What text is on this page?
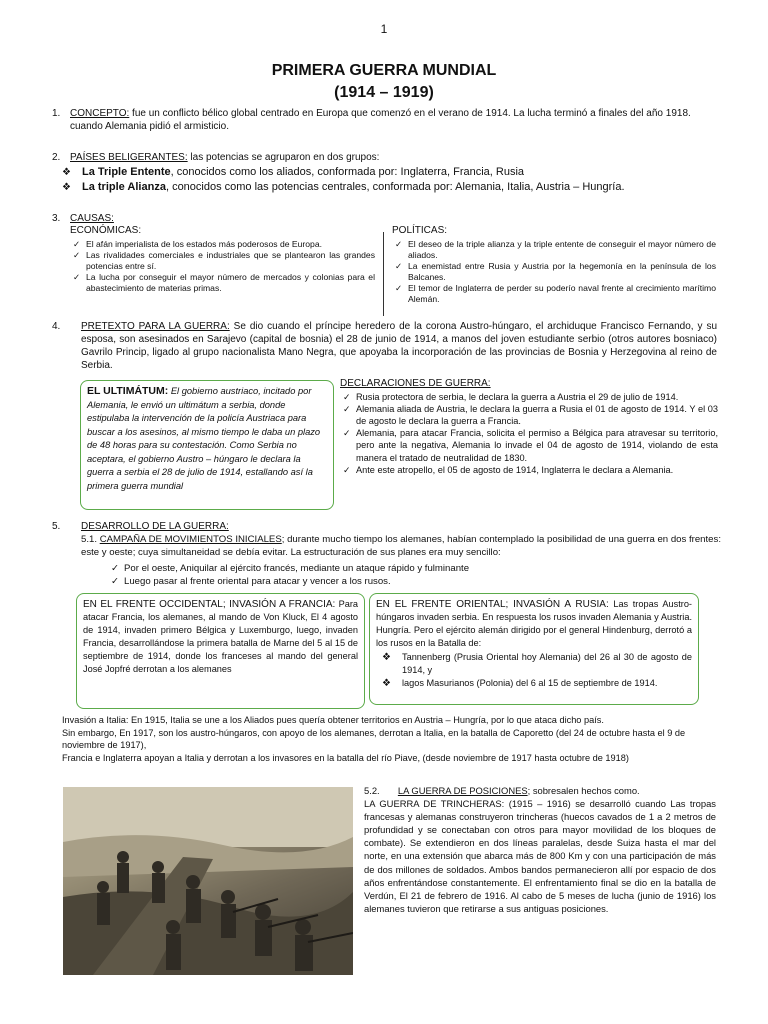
1
PRIMERA GUERRA MUNDIAL
(1914 – 1919)
1. CONCEPTO: fue un conflicto bélico global centrado en Europa que comenzó en el verano de 1914. La lucha terminó a finales del año 1918. cuando Alemania pidió el armisticio.
2. PAÍSES BELIGERANTES: las potencias se agruparon en dos grupos:
❖ La Triple Entente, conocidos como los aliados, conformada por: Inglaterra, Francia, Rusia
❖ La triple Alianza, conocidos como las potencias centrales, conformada por: Alemania, Italia, Austria – Hungría.
3. CAUSAS:
ECONÓMICAS:	POLÍTICAS:
✓ El afán imperialista de los estados más poderosos de Europa.
✓ Las rivalidades comerciales e industriales que se plantearon las grandes potencias entre sí.
✓ La lucha por conseguir el mayor número de mercados y colonias para el abastecimiento de materias primas.
✓ El deseo de la triple alianza y la triple entente de conseguir el mayor número de aliados.
✓ La enemistad entre Rusia y Austria por la hegemonía en la península de los Balcanes.
✓ El temor de Inglaterra de perder su poderío naval frente al crecimiento marítimo Alemán.
4. PRETEXTO PARA LA GUERRA: Se dio cuando el príncipe heredero de la corona Austro-húngaro, el archiduque Francisco Fernando, y su esposa, son asesinados en Sarajevo (capital de bosnia) el 28 de junio de 1914, a manos del joven estudiante serbio (otros autores bosniaco) Gavrilo Princip, ligado al grupo nacionalista Mano Negra, que apoyaba la incorporación de las provincias de Bosnia y Herzegovina al reino de Serbia.
EL ULTIMÁTUM: El gobierno austriaco, incitado por Alemania, le envió un ultimátum a serbia, donde estipulaba la intervención de la policía Austriaca para buscar a los asesinos, al mismo tiempo le daba un plazo de 48 horas para su contestación. Como Serbia no aceptara, el gobierno Austro – húngaro le declara la guerra a serbia el 28 de julio de 1914, estallando así la primera guerra mundial
DECLARACIONES DE GUERRA:
✓ Rusia protectora de serbia, le declara la guerra a Austria el 29 de julio de 1914.
✓ Alemania aliada de Austria, le declara la guerra a Rusia el 01 de agosto de 1914. Y el 03 de agosto le declara la guerra a Francia.
✓ Alemania, para atacar Francia, solicita el permiso a Bélgica para atravesar su territorio, pero ante la negativa, Alemania lo invade el 04 de agosto de 1914, violando de esta manera el tratado de neutralidad de 1830.
✓ Ante este atropello, el 05 de agosto de 1914, Inglaterra le declara a Alemania.
5. DESARROLLO DE LA GUERRA:
5.1. CAMPAÑA DE MOVIMIENTOS INICIALES; durante mucho tiempo los alemanes, habían contemplado la posibilidad de una guerra en dos frentes: este y oeste; cuya simultaneidad se debía evitar. La estructuración de sus planes era muy sencillo:
✓ Por el oeste, Aniquilar al ejército francés, mediante un ataque rápido y fulminante
✓ Luego pasar al frente oriental para atacar y vencer a los rusos.
EN EL FRENTE OCCIDENTAL; INVASIÓN A FRANCIA: Para atacar Francia, los alemanes, al mando de Von Kluck, El 4 agosto de 1914, invaden primero Bélgica y Luxemburgo, luego, invaden Francia, desarrollándose la primera batalla de Marne del 5 al 15 de septiembre de 1914, donde los franceses al mando del general José Jopfré derrotan a los alemanes
EN EL FRENTE ORIENTAL; INVASIÓN A RUSIA: Las tropas Austro- húngaros invaden serbia. En respuesta los rusos invaden Alemania y Austria. Hungría. Pero el ejército alemán dirigido por el general Hindenburg, derrotó a los rusos en la Batalla de:
❖ Tannenberg (Prusia Oriental hoy Alemania) del 26 al 30 de agosto de 1914, y
❖ lagos Masurianos (Polonia) del 6 al 15 de septiembre de 1914.
Invasión a Italia: En 1915, Italia se une a los Aliados pues quería obtener territorios en Austria – Hungría, por lo que ataca dicho país.
Sin embargo, En 1917, son los austro-húngaros, con apoyo de los alemanes, derrotan a Italia, en la batalla de Caporetto (del 24 de octubre hasta el 9 de noviembre de 1917),
Francia e Inglaterra apoyan a Italia y derrotan a los invasores en la batalla del río Piave, (desde noviembre de 1917 hasta octubre de 1918)
5.2. LA GUERRA DE POSICIONES; sobresalen hechos como.
LA GUERRA DE TRINCHERAS: (1915 – 1916) se desarrolló cuando Las tropas francesas y alemanas construyeron trincheras (huecos cavados de 1 a 2 metros de profundidad y se conectaban con otros para mayor movilidad de los bloques de combate). Se extendieron en dos líneas paralelas, desde Suiza hasta el mar del norte, en una extensión que abarca más de 800 Km y con una participación de más de dos millones de soldados. Ambos bandos permanecieron allí por espacio de dos años enfrentándose constantemente. El enfrentamiento final se dio en la batalla de Verdún, El 21 de febrero de 1916. Al cabo de 5 meses de lucha (junio de 1916) los alemanes tuvieron que retirarse a sus antiguas posiciones.
